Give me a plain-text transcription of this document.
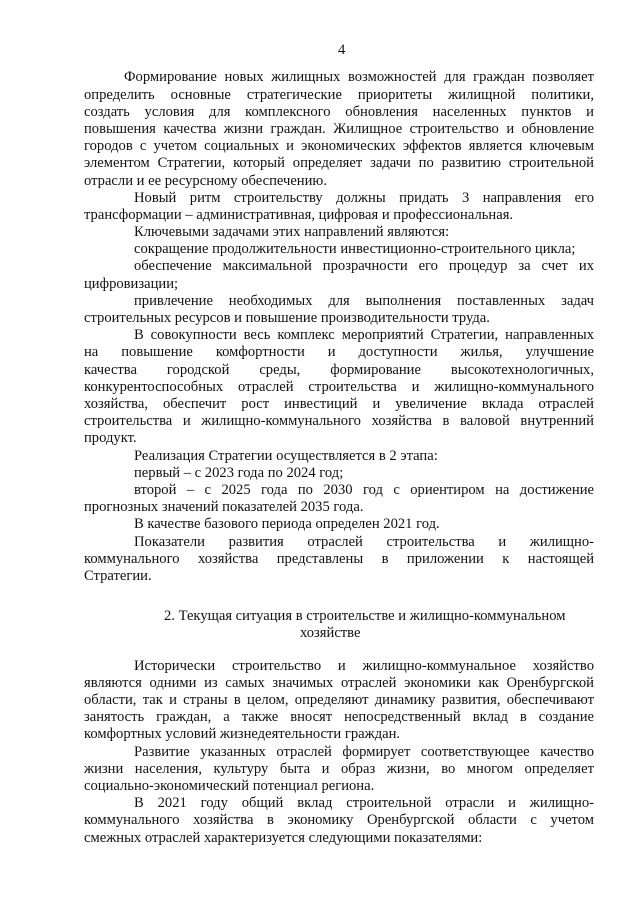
4
Формирование новых жилищных возможностей для граждан позволяет
определить основные стратегические приоритеты жилищной политики,
создать условия для комплексного обновления населенных пунктов и
повышения качества жизни граждан. Жилищное строительство и обновление
городов с учетом социальных и экономических эффектов является ключевым
элементом Стратегии, который определяет задачи по развитию строительной
отрасли и ее ресурсному обеспечению.
Новый ритм строительству должны придать 3 направления его
трансформации – административная, цифровая и профессиональная.
Ключевыми задачами этих направлений являются:
сокращение продолжительности инвестиционно-строительного цикла;
обеспечение максимальной прозрачности его процедур за счет их
цифровизации;
привлечение необходимых для выполнения поставленных задач
строительных ресурсов и повышение производительности труда.
В совокупности весь комплекс мероприятий Стратегии, направленных
на повышение комфортности и доступности жилья, улучшение
качества городской среды, формирование высокотехнологичных,
конкурентоспособных отраслей строительства и жилищно-коммунального
хозяйства, обеспечит рост инвестиций и увеличение вклада отраслей
строительства и жилищно-коммунального хозяйства в валовой внутренний
продукт.
Реализация Стратегии осуществляется в 2 этапа:
первый – с 2023 года по 2024 год;
второй – с 2025 года по 2030 год с ориентиром на достижение
прогнозных значений показателей 2035 года.
В качестве базового периода определен 2021 год.
Показатели развития отраслей строительства и жилищно-
коммунального хозяйства представлены в приложении к настоящей
Стратегии.
2. Текущая ситуация в строительстве и жилищно-коммунальном
хозяйстве
Исторически строительство и жилищно-коммунальное хозяйство
являются одними из самых значимых отраслей экономики как Оренбургской
области, так и страны в целом, определяют динамику развития, обеспечивают
занятость граждан, а также вносят непосредственный вклад в создание
комфортных условий жизнедеятельности граждан.
Развитие указанных отраслей формирует соответствующее качество
жизни населения, культуру быта и образ жизни, во многом определяет
социально-экономический потенциал региона.
В 2021 году общий вклад строительной отрасли и жилищно-
коммунального хозяйства в экономику Оренбургской области с учетом
смежных отраслей характеризуется следующими показателями:
